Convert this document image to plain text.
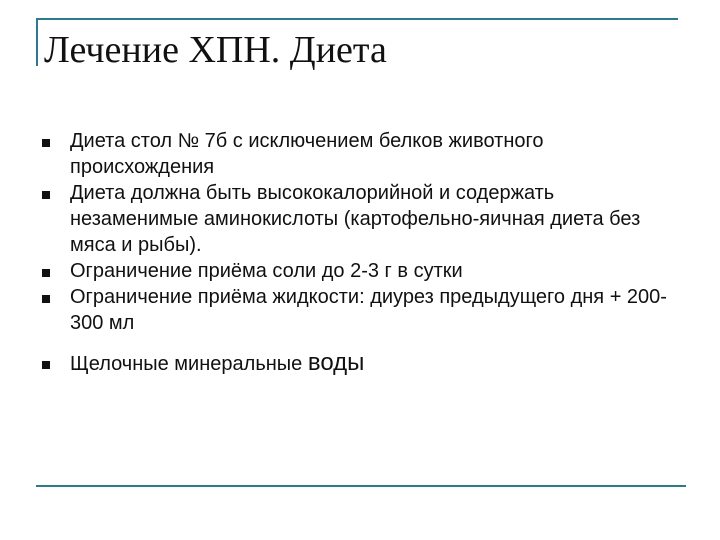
Лечение ХПН. Диета
Диета стол № 7б с исключением белков животного происхождения
Диета должна быть высококалорийной и содержать незаменимые аминокислоты (картофельно-яичная диета без мяса и рыбы).
Ограничение приёма соли до 2-3 г в сутки
Ограничение приёма жидкости: диурез предыдущего дня + 200-300 мл
Щелочные минеральные воды
